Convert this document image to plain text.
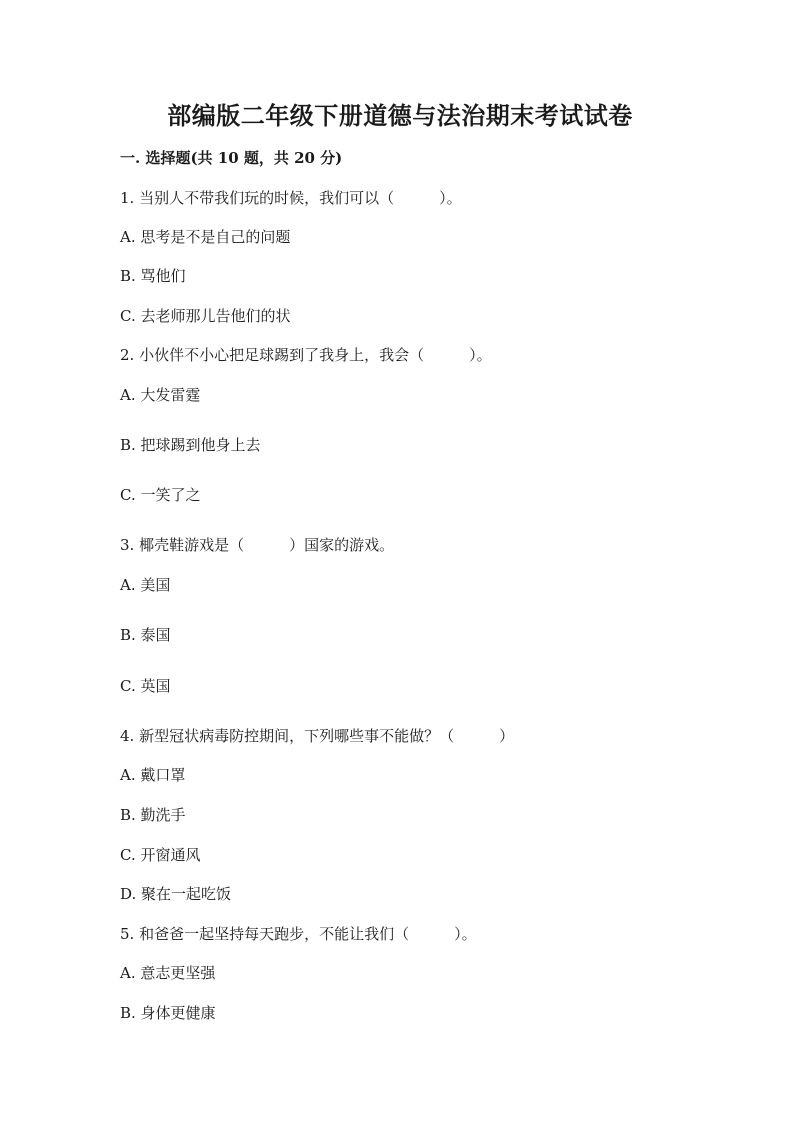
部编版二年级下册道德与法治期末考试试卷
一. 选择题(共 10 题，共 20 分)
1. 当别人不带我们玩的时候，我们可以（　　　）。
A. 思考是不是自己的问题
B. 骂他们
C. 去老师那儿告他们的状
2. 小伙伴不小心把足球踢到了我身上，我会（　　　）。
A. 大发雷霆
B. 把球踢到他身上去
C. 一笑了之
3. 椰壳鞋游戏是（　　　）国家的游戏。
A. 美国
B. 泰国
C. 英国
4. 新型冠状病毒防控期间，下列哪些事不能做？（　　　）
A. 戴口罩
B. 勤洗手
C. 开窗通风
D. 聚在一起吃饭
5. 和爸爸一起坚持每天跑步，不能让我们（　　　）。
A. 意志更坚强
B. 身体更健康
